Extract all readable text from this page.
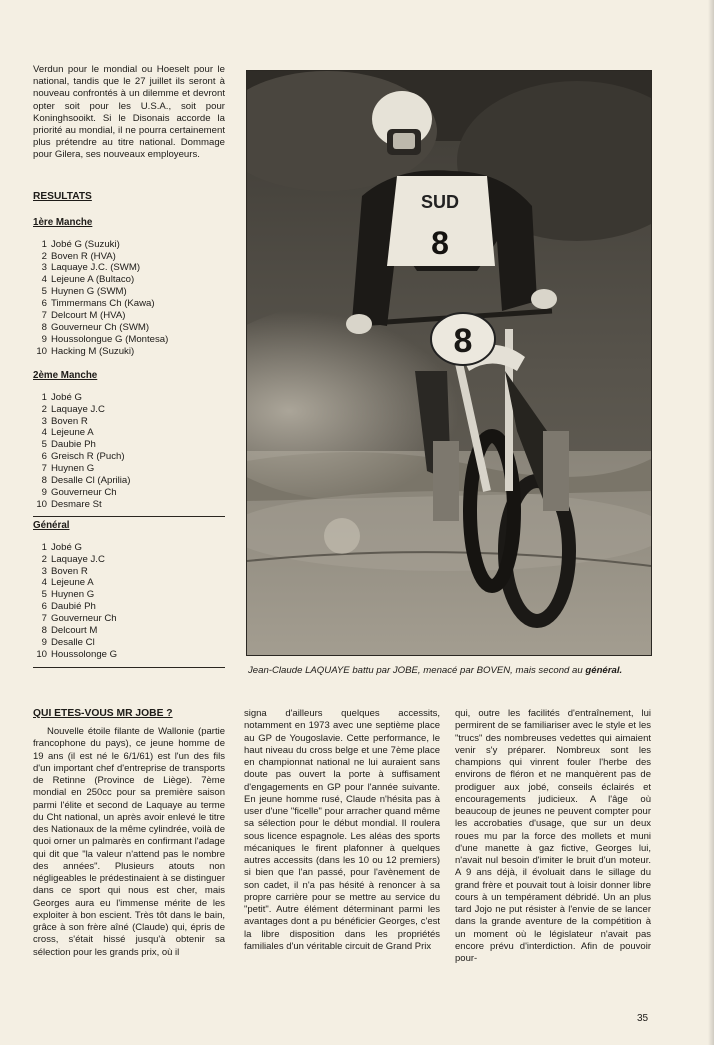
Verdun pour le mondial ou Hoeselt pour le national, tandis que le 27 juillet ils seront à nouveau confrontés à un dilemme et devront opter soit pour les U.S.A., soit pour Koninghsooikt. Si le Disonais accorde la priorité au mondial, il ne pourra certainement plus prétendre au titre national. Dommage pour Gilera, ses nouveaux employeurs.

RESULTATS

1ère Manche

1 Jobé G (Suzuki)
2 Boven R (HVA)
3 Laquaye J.C. (SWM)
4 Lejeune A (Bultaco)
5 Huynen G (SWM)
6 Timmermans Ch (Kawa)
7 Delcourt M (HVA)
8 Gouverneur Ch (SWM)
9 Houssolongue G (Montesa)
10 Hacking M (Suzuki)

2ème Manche

1 Jobé G
2 Laquaye J.C
3 Boven R
4 Lejeune A
5 Daubie Ph
6 Greisch R (Puch)
7 Huynen G
8 Desalle Cl (Aprilia)
9 Gouverneur Ch
10 Desmare St

Général

1 Jobé G
2 Laquaye J.C
3 Boven R
4 Lejeune A
5 Huynen G
6 Daubié Ph
7 Gouverneur Ch
8 Delcourt M
9 Desalle Cl
10 Houssolonge G
8
SUD
8

Jean-Claude LAQUAYE battu par JOBE, menacé par BOVEN, mais second au général.

QUI ETES-VOUS MR JOBE ?

Nouvelle étoile filante de Wallonie (partie francophone du pays), ce jeune homme de 19 ans (il est né le 6/1/61) est l'un des fils d'un important chef d'entreprise de transports de Retinne (Province de Liège). 7ème mondial en 250cc pour sa première saison parmi l'élite et second de Laquaye au terme du Cht national, un après avoir enlevé le titre des Nationaux de la même cylindrée, voilà de quoi orner un palmarès en confirmant l'adage qui dit que "la valeur n'attend pas le nombre des années". Plusieurs atouts non négligeables le prédestinaient à se distinguer dans ce sport qui nous est cher, mais Georges aura eu l'immense mérite de les exploiter à bon escient. Très tôt dans le bain, grâce à son frère aîné (Claude) qui, épris de cross, s'était hissé jusqu'à obtenir sa sélection pour les grands prix, où il

signa d'ailleurs quelques accessits, notamment en 1973 avec une septième place au GP de Yougoslavie. Cette performance, le haut niveau du cross belge et une 7ème place en championnat national ne lui auraient sans doute pas ouvert la porte à suffisament d'engagements en GP pour l'année suivante. En jeune homme rusé, Claude n'hésita pas à user d'une "ficelle" pour arracher quand même sa sélection pour le début mondial. Il roulera sous licence espagnole. Les aléas des sports mécaniques le firent plafonner à quelques autres accessits (dans les 10 ou 12 premiers) si bien que l'an passé, pour l'avènement de son cadet, il n'a pas hésité à renoncer à sa propre carrière pour se mettre au service du "petit". Autre élément déterminant parmi les avantages dont a pu bénéficier Georges, c'est la libre disposition dans les propriétés familiales d'un véritable circuit de Grand Prix

qui, outre les facilités d'entraînement, lui permirent de se familiariser avec le style et les "trucs" des nombreuses vedettes qui aimaient venir s'y préparer. Nombreux sont les champions qui vinrent fouler l'herbe des environs de fléron et ne manquèrent pas de prodiguer aux jobé, conseils éclairés et encouragements judicieux. A l'âge où beaucoup de jeunes ne peuvent compter pour les accrobaties d'usage, que sur un deux roues mu par la force des mollets et muni d'une manette à gaz fictive, Georges lui, n'avait nul besoin d'imiter le bruit d'un moteur. A 9 ans déjà, il évoluait dans le sillage du grand frère et pouvait tout à loisir donner libre cours à un tempérament débridé. Un an plus tard Jojo ne put résister à l'envie de se lancer dans la grande aventure de la compétition à un moment où le législateur n'avait pas encore prévu d'interdiction. Afin de pouvoir pour-

35
